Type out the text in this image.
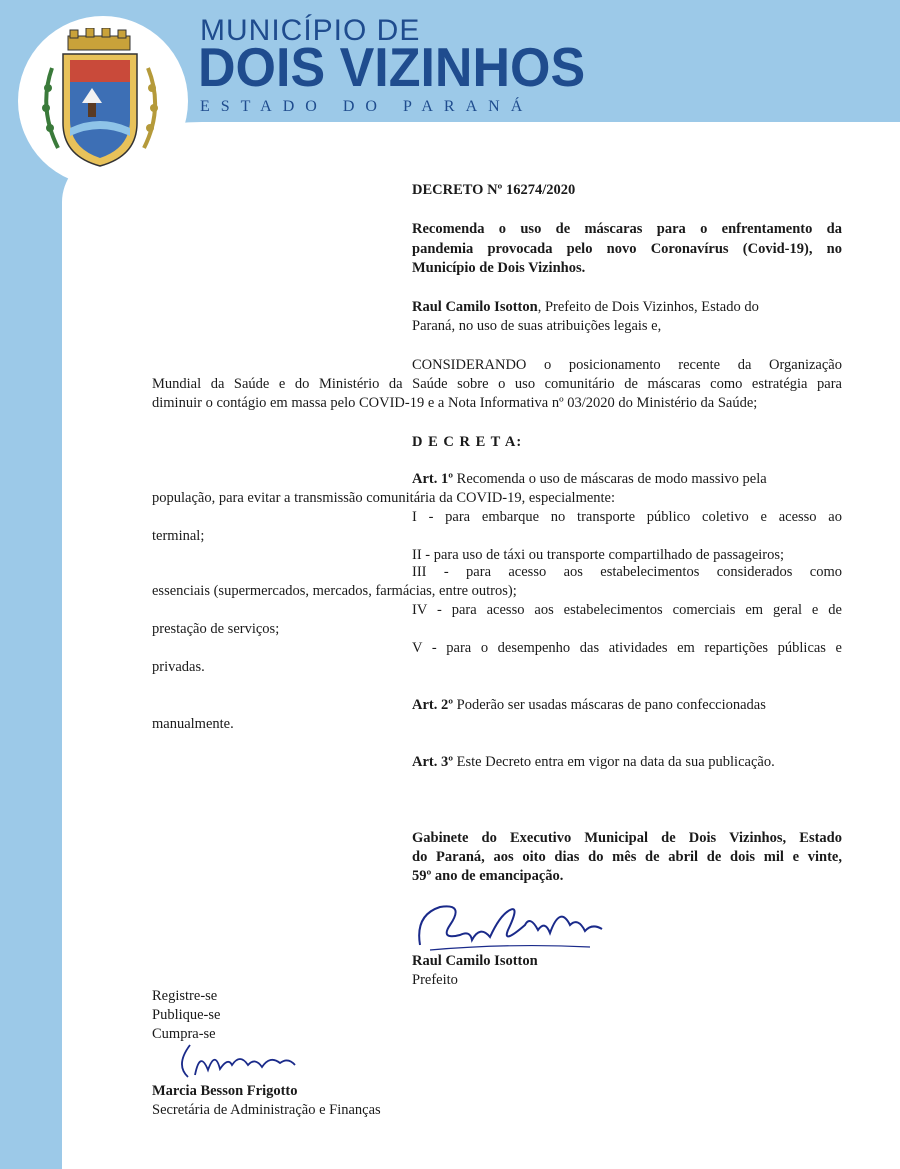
MUNICÍPIO DE
DOIS VIZINHOS
ESTADO DO PARANÁ
DECRETO Nº 16274/2020
Recomenda o uso de máscaras para o enfrentamento da
pandemia provocada pelo novo Coronavírus (Covid-19), no
Município de Dois Vizinhos.
Raul Camilo Isotton, Prefeito de Dois Vizinhos, Estado do
Paraná, no uso de suas atribuições legais e,
CONSIDERANDO o posicionamento recente da Organização
Mundial da Saúde e do Ministério da Saúde sobre o uso comunitário de máscaras como estratégia para
diminuir o contágio em massa pelo COVID-19 e a Nota Informativa nº 03/2020 do Ministério da Saúde;
D E C R E T A:
Art. 1º Recomenda o uso de máscaras de modo massivo pela
população, para evitar a transmissão comunitária da COVID-19, especialmente:
I - para embarque no transporte público coletivo e acesso ao
terminal;
II - para uso de táxi ou transporte compartilhado de passageiros;
III - para acesso aos estabelecimentos considerados como
essenciais (supermercados, mercados, farmácias, entre outros);
IV - para acesso aos estabelecimentos comerciais em geral e de
prestação de serviços;
V - para o desempenho das atividades em repartições públicas e
privadas.
Art. 2º Poderão ser usadas máscaras de pano confeccionadas
manualmente.
Art. 3º Este Decreto entra em vigor na data da sua publicação.
Gabinete do Executivo Municipal de Dois Vizinhos, Estado
do Paraná, aos oito dias do mês de abril de dois mil e vinte,
59º ano de emancipação.
Raul Camilo Isotton
Prefeito
Registre-se
Publique-se
Cumpra-se
Marcia Besson Frigotto
Secretária de Administração e Finanças
